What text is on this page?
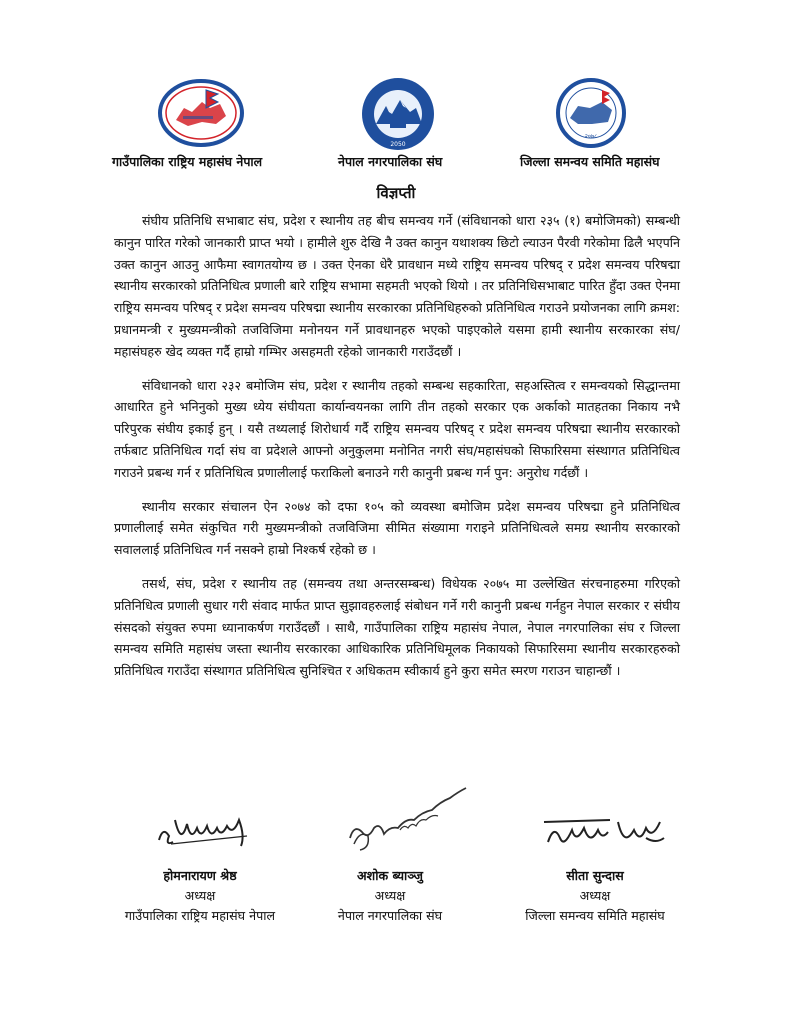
2050
२०७८
गाउँपालिका राष्ट्रिय महासंघ नेपाल	नेपाल नगरपालिका संघ	जिल्ला समन्वय समिति महासंघ
विज्ञप्ती

संघीय प्रतिनिधि सभाबाट संघ, प्रदेश र स्थानीय तह बीच समन्वय गर्ने (संविधानको धारा २३५ (१) बमोजिमको) सम्बन्धी कानुन पारित गरेको जानकारी प्राप्त भयो । हामीले शुरु देखि नै उक्त कानुन यथाशक्य छिटो ल्याउन पैरवी गरेकोमा ढिलै भएपनि उक्त कानुन आउनु आफैमा स्वागतयोग्य छ । उक्त ऐनका धेरै प्रावधान मध्ये राष्ट्रिय समन्वय परिषद् र प्रदेश समन्वय परिषद्मा स्थानीय सरकारको प्रतिनिधित्व प्रणाली बारे राष्ट्रिय सभामा सहमती भएको थियो । तर प्रतिनिधिसभाबाट पारित हुँदा उक्त ऐनमा राष्ट्रिय समन्वय परिषद् र प्रदेश समन्वय परिषद्मा स्थानीय सरकारका प्रतिनिधिहरुको प्रतिनिधित्व गराउने प्रयोजनका लागि क्रमश: प्रधानमन्त्री र मुख्यमन्त्रीको तजविजिमा मनोनयन गर्ने प्रावधानहरु भएको पाइएकोले यसमा हामी स्थानीय सरकारका संघ/महासंघहरु खेद व्यक्त गर्दै हाम्रो गम्भिर असहमती रहेको जानकारी गराउँदछौं ।

संविधानको धारा २३२ बमोजिम संघ, प्रदेश र स्थानीय तहको सम्बन्ध सहकारिता, सहअस्तित्व र समन्वयको सिद्धान्तमा आधारित हुने भनिनुको मुख्य ध्येय संघीयता कार्यान्वयनका लागि तीन तहको सरकार एक अर्काको मातहतका निकाय नभै परिपुरक संघीय इकाई हुन् । यसै तथ्यलाई शिरोधार्य गर्दै राष्ट्रिय समन्वय परिषद् र प्रदेश समन्वय परिषद्मा स्थानीय सरकारको तर्फबाट प्रतिनिधित्व गर्दा संघ वा प्रदेशले आफ्नो अनुकुलमा मनोनित नगरी संघ/महासंघको सिफारिसमा संस्थागत प्रतिनिधित्व गराउने प्रबन्ध गर्न र प्रतिनिधित्व प्रणालीलाई फराकिलो बनाउने गरी कानुनी प्रबन्ध गर्न पुन: अनुरोध गर्दछौं ।

स्थानीय सरकार संचालन ऐन २०७४ को दफा १०५ को व्यवस्था बमोजिम प्रदेश समन्वय परिषद्मा हुने प्रतिनिधित्व प्रणालीलाई समेत संकुचित गरी मुख्यमन्त्रीको तजविजिमा सीमित संख्यामा गराइने प्रतिनिधित्वले समग्र स्थानीय सरकारको सवाललाई प्रतिनिधित्व गर्न नसक्ने हाम्रो निश्कर्ष रहेको छ ।

तसर्थ, संघ, प्रदेश र स्थानीय तह (समन्वय तथा अन्तरसम्बन्ध) विधेयक २०७५ मा उल्लेखित संरचनाहरुमा गरिएको प्रतिनिधित्व प्रणाली सुधार गरी संवाद मार्फत प्राप्त सुझावहरुलाई संबोधन गर्ने गरी कानुनी प्रबन्ध गर्नहुन नेपाल सरकार र संघीय संसदको संयुक्त रुपमा ध्यानाकर्षण गराउँदछौं । साथै, गाउँपालिका राष्ट्रिय महासंघ नेपाल, नेपाल नगरपालिका संघ र जिल्ला समन्वय समिति महासंघ जस्ता स्थानीय सरकारका आधिकारिक प्रतिनिधिमूलक निकायको सिफारिसमा स्थानीय सरकारहरुको प्रतिनिधित्व गराउँदा संस्थागत प्रतिनिधित्व सुनिश्चित र अधिकतम स्वीकार्य हुने कुरा समेत स्मरण गराउन चाहान्छौं ।

होमनारायण श्रेष्ठ
अध्यक्ष
गाउँपालिका राष्ट्रिय महासंघ नेपाल
अशोक ब्याञ्जु
अध्यक्ष
नेपाल नगरपालिका संघ
सीता सुन्दास
अध्यक्ष
जिल्ला समन्वय समिति महासंघ
